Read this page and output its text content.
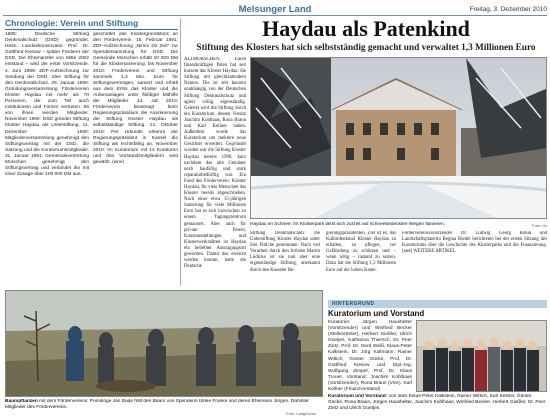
Melsunger Land	Freitag, 3. Dezember 2010
Chronologie: Verein und Stiftung
1985: Deutsche Stiftung Denkmalschutz (DSD) gegründet. Hess. Landeskonservator Prof. Dr. Gottfried Kiesow – später Förderer der DSD. Die Ehrenamtler von Mitte 2002 entstand – wird der erste Vorsitzende. 4. Juni 1988: ZDF-Aufzeichnung zur Sendung der DSD. Idee Stiftung für den Denkmalschutz. 29. Januar 1990: Gründungsversammlung Förderverein Kloster Haydau mit mehr als 70 Personen, die zum Teil auch Institutionen und Firmen vertreten. 65 von ihnen werden Mitglieder. November 1990: DSD gründet Stiftung Kloster Haydau als Unterstiftung. 11. Dezember 1990: Mitgliederversammlung genehmigt den Stiftungsvertrag mit der DSD, die Satzung und die Kuratoriumsmitglieder. 31. Januar 1991: Gemeindevertretung Morschen genehmigt den Stiftungsvertrag und verbindet ihn mit einer Zusage über 100 000 DM aus.
geschüttet das Klostergrundstück an den Förderverein. 16. Februar 1991: ZDF-Aufzeichnung „Nimm Dir Zeit“ zur Spendensammlung für DSD. Die Gemeinde Morschen erhält 10 000 DM für die Klostersanierung. bis November 2010: Förderverein und Stiftung sammeln 1,3 Mio. Euro für Stiftungsvermögen, samert und erhält aus dem Erlös das Kloster und die Außenanlagen unter fleißiger Mithilfe der Mitglieder. 14. Juli 2010: Förderverein beantragt beim Regierungspräsidium die Anerkennung der Stiftung Kloster Haydau als selbstständige Stiftung. 21. Oktober 2010: Per Urkunde erkennt der Regierungspräsident in Kassel die Stiftung als rechtsfähig an. November 2010: Im Kuratorium mit 14 Kuratoren und drei Vorstandsmitgliedern wird gewählt. (wrw)
Haydau als Patenkind
Stiftung des Klosters hat sich selbstständig gemacht und verwaltet 1,3 Millionen Euro
ALTMORSCHEN. Einen finanzkräftigen Paten hat seit kurzem das Kloster Haydau: die Stiftung mit gleichlautendem Namen. Die ist seit kurzem unabhängig von der Deutschen Stiftung Denkmalschutz und agiert völlig eigenständig. Geleitet wird die Stiftung durch ein Kuratorium, dessen Vorsitz Joachim Kohlhaas, Rona Braun und Karl Kellner haben. Außerdem wurde das Kuratorium um mehrere neue Gesichter erweitert. Gegründet worden war die Stiftung Kloster Haydau bereits 1990, kurz nachdem das alte Gemäuer noch baufällig und stark reparaturbedürftig war. Ein Fund des Förderverein: Kloster Haydau, für viele Menschen das Kloster bereits abgeschrieben. Nach einer etwa 15-jährigen Sanierung für viele Millionen Euro hat es sich inzwischen zu einem Tagungszentrum gemausert. Aber auch für private Feiern, Kunstausstellungen und Klosterwerkstätten ist Haydau ein beliebter Austragungsort geworden. Damit das erreicht werden konnte, hatte die Deutsche
Haydau im Schnee: Im Klosterpark lässt sich zurzeit auf schneebedeckten Wegen flanieren.	Foto: nh
Stiftung Denkmalschutz die Unterstiftung Kloster Haydau unter ihre Fittiche genommen. Nach viel Vorarbeit durch den Juristen Martin Lüdicke ist sie nun aber eine eigenständige Stiftung, anerkannt durch den Kasseler Re-
gierungspräsidenten. Ziel ist es, das Kulturdenkmal Kloster Haydau zu erhalten, zu pflegen, vor Gefährdung zu schützen und – wenn nötig – instand zu setzen. Dazu hat die Stiftung 1,3 Millionen Euro auf der hohen Kante.
Fördervereinsvorsitzender Dr. Ludwig Georg Braun und Landschaftsplanerin Regina Riedel berichteten bei der ersten Sitzung des Kuratoriums über die Geschichte des Klosterparks und die Finanzierung. (and) WEITERE ARTIKEL
Baumpflanzen mit dem Fördervereins: Pomologe Jan Bade hält den Baum von Spenderin Ulrike Franke und deren Ehemann Jürgen. Dahinter Mitglieder des Fördervereins.
Foto: Lang/nh/rw
HINTERGRUND
Kuratorium und Vorstand
Kuratoren: Jürgen Haushelter (Vorsitzender) und Winfried Becker (Stellvertreter), Herbert Gießler, Ulrich Goetjes, Katharina Thiersch, Dr. Peer Zietz, Prof. Dr. Gerd Weiß, Klaus-Peter Kalkstein, Dr. Jörg Kallmann, Rainer Wittich, Günter Gücke, Prof. Dr. Gottfried Kiesow und Dipl.-Ing. Wolfgang Zimpel, Prof. Dr. Klaus Trouet. Vorstand: Joachim Kohlhaas (Vorsitzender), Rona Braun (Vize), Karl Kellner (Finanzvorstand)
Kuratorium und Vorstand: von links Klaus-Peter Kalkstein, Rainer Wittich, Karl Kellner, Günter Gücke, Rona Braun, Jürgen Haushelter, Joachim Kohlhaas, Winfried Becker, Herbert Gießler, Dr. Peer Zietz und Ulrich Goetjes.
